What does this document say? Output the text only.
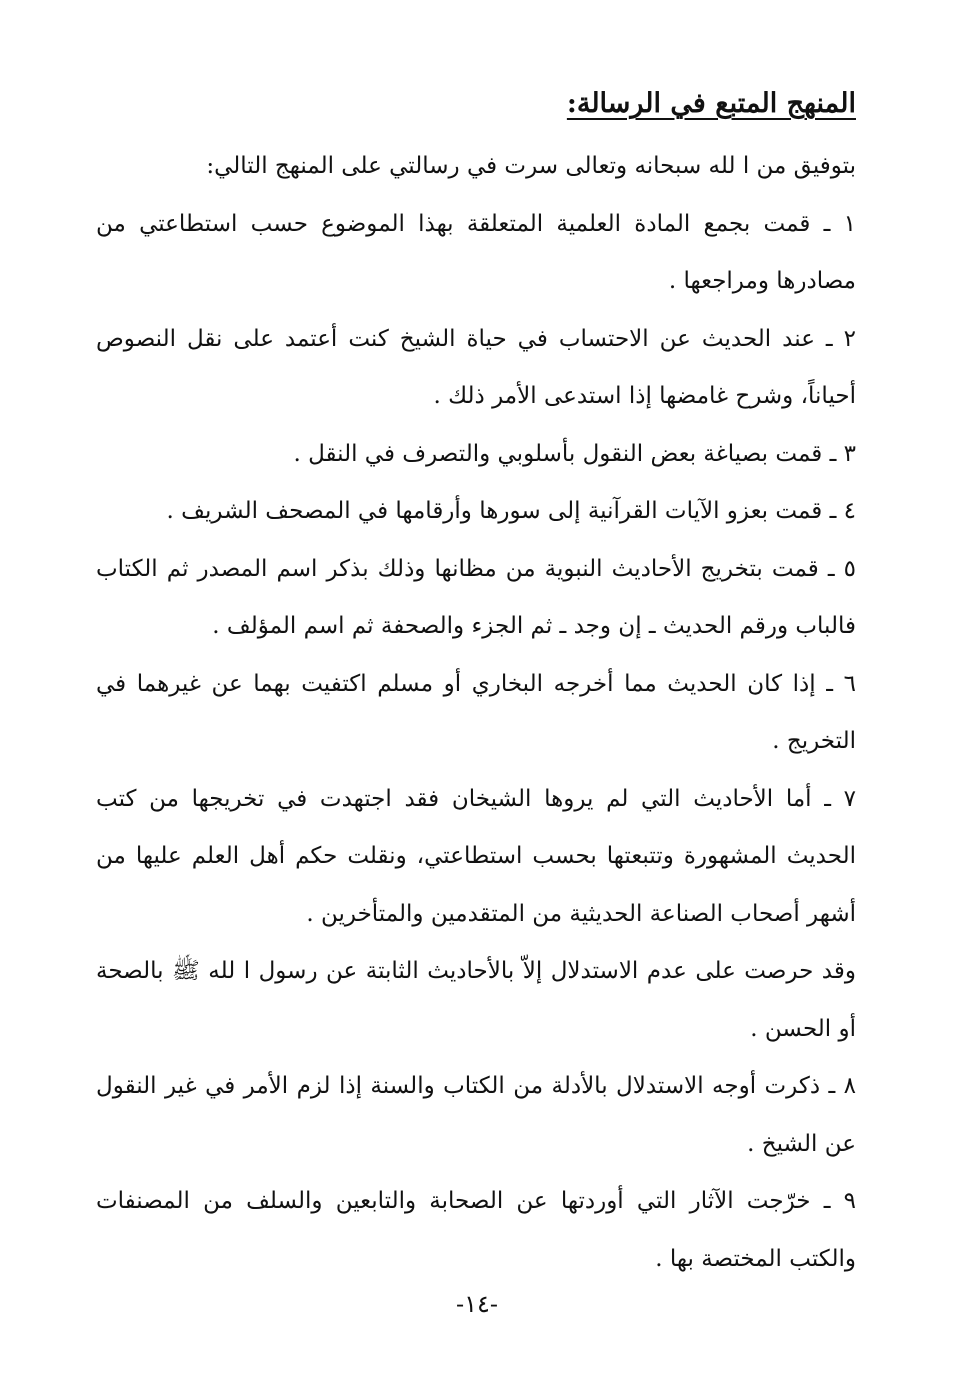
المنهج المتبع في الرسالة:

بتوفيق من ا لله سبحانه وتعالى سرت في رسالتي على المنهج التالي:

١ ـ قمت بجمع المادة العلمية المتعلقة بهذا الموضوع حسب استطاعتي من مصادرها ومراجعها .

٢ ـ عند الحديث عن الاحتساب في حياة الشيخ كنت أعتمد على نقل النصوص أحياناً، وشرح غامضها إذا استدعى الأمر ذلك .

٣ ـ قمت بصياغة بعض النقول بأسلوبي والتصرف في النقل .

٤ ـ قمت بعزو الآيات القرآنية إلى سورها وأرقامها في المصحف الشريف .

٥ ـ قمت بتخريج الأحاديث النبوية من مظانها وذلك بذكر اسم المصدر ثم الكتاب فالباب ورقم الحديث ـ إن وجد ـ ثم الجزء والصحفة ثم اسم المؤلف .

٦ ـ إذا كان الحديث مما أخرجه البخاري أو مسلم اكتفيت بهما عن غيرهما في التخريج .

٧ ـ أما الأحاديث التي لم يروها الشيخان فقد اجتهدت في تخريجها من كتب الحديث المشهورة وتتبعتها بحسب استطاعتي، ونقلت حكم أهل العلم عليها من أشهر أصحاب الصناعة الحديثية من المتقدمين والمتأخرين .

وقد حرصت على عدم الاستدلال إلاّ بالأحاديث الثابتة عن رسول ا لله ﷺ بالصحة أو الحسن .

٨ ـ ذكرت أوجه الاستدلال بالأدلة من الكتاب والسنة إذا لزم الأمر في غير النقول عن الشيخ .

٩ ـ خرّجت الآثار التي أوردتها عن الصحابة والتابعين والسلف من المصنفات والكتب المختصة بها .

-١٤-
